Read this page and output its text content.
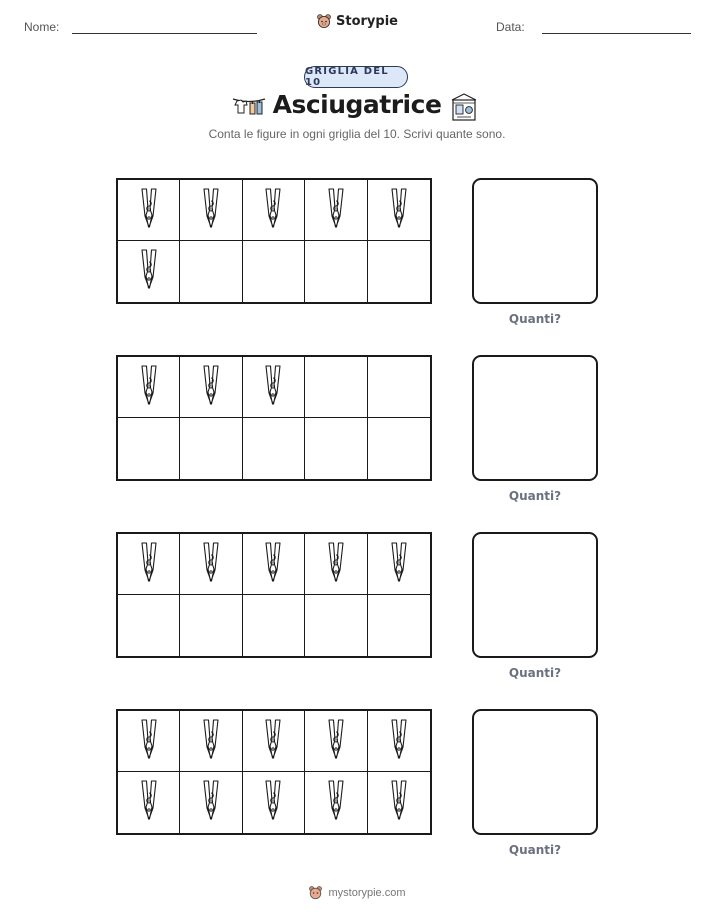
Nome:	Storypie	Data:
GRIGLIA DEL 10
Asciugatrice
Conta le figure in ogni griglia del 10. Scrivi quante sono.
Quanti?
Quanti?
Quanti?
Quanti?
mystorypie.com
